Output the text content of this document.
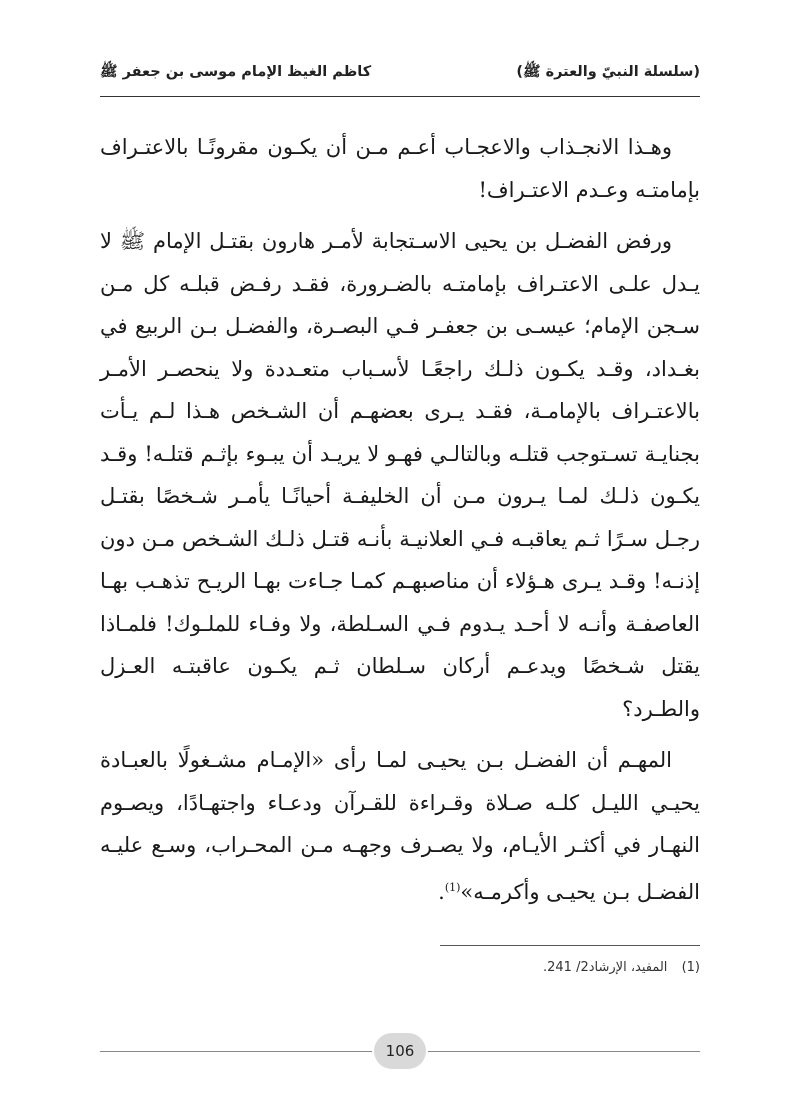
(سلسلة النبيّ والعترة ﷺ)
كاظم الغيظ الإمام موسى بن جعفر ﷺ

وهـذا الانجـذاب والاعجـاب أعـم مـن أن يكـون مقرونًـا بالاعتـراف بإمامتـه وعـدم الاعتـراف!

ورفض الفضـل بن يحيى الاسـتجابة لأمـر هارون بقتـل الإمام ﷺ لا يـدل علـى الاعتـراف بإمامتـه بالضـرورة، فقـد رفـض قبلـه كل مـن سـجن الإمام؛ عيسـى بن جعفـر فـي البصـرة، والفضـل بـن الربيع في بغـداد، وقـد يكـون ذلـك راجعًـا لأسـباب متعـددة ولا ينحصـر الأمـر بالاعتـراف بالإمامـة، فقـد يـرى بعضهـم أن الشـخص هـذا لـم يـأت بجنايـة تسـتوجب قتلـه وبالتالـي فهـو لا يريـد أن يبـوء بإثـم قتلـه! وقـد يكـون ذلـك لمـا يـرون مـن أن الخليفـة أحيانًـا يأمـر شـخصًا بقتـل رجـل سـرًا ثـم يعاقبـه فـي العلانيـة بأنـه قتـل ذلـك الشـخص مـن دون إذنـه! وقـد يـرى هـؤلاء أن مناصبهـم كمـا جـاءت بهـا الريـح تذهـب بهـا العاصفـة وأنـه لا أحـد يـدوم فـي السـلطة، ولا وفـاء للملـوك! فلمـاذا يقتل شـخصًا ويدعـم أركان سـلطان ثـم يكـون عاقبتـه العـزل والطـرد؟

المهـم أن الفضـل بـن يحيـى لمـا رأى «الإمـام مشـغولًا بالعبـادة يحيـي الليـل كلـه صـلاة وقـراءة للقـرآن ودعـاء واجتهـادًا، ويصـوم النهـار في أكثـر الأيـام، ولا يصـرف وجهـه مـن المحـراب، وسـع عليـه الفضـل بـن يحيـى وأكرمـه»$^{(1)}$.

(1) المفيد، الإرشاد2/ 241.
106
